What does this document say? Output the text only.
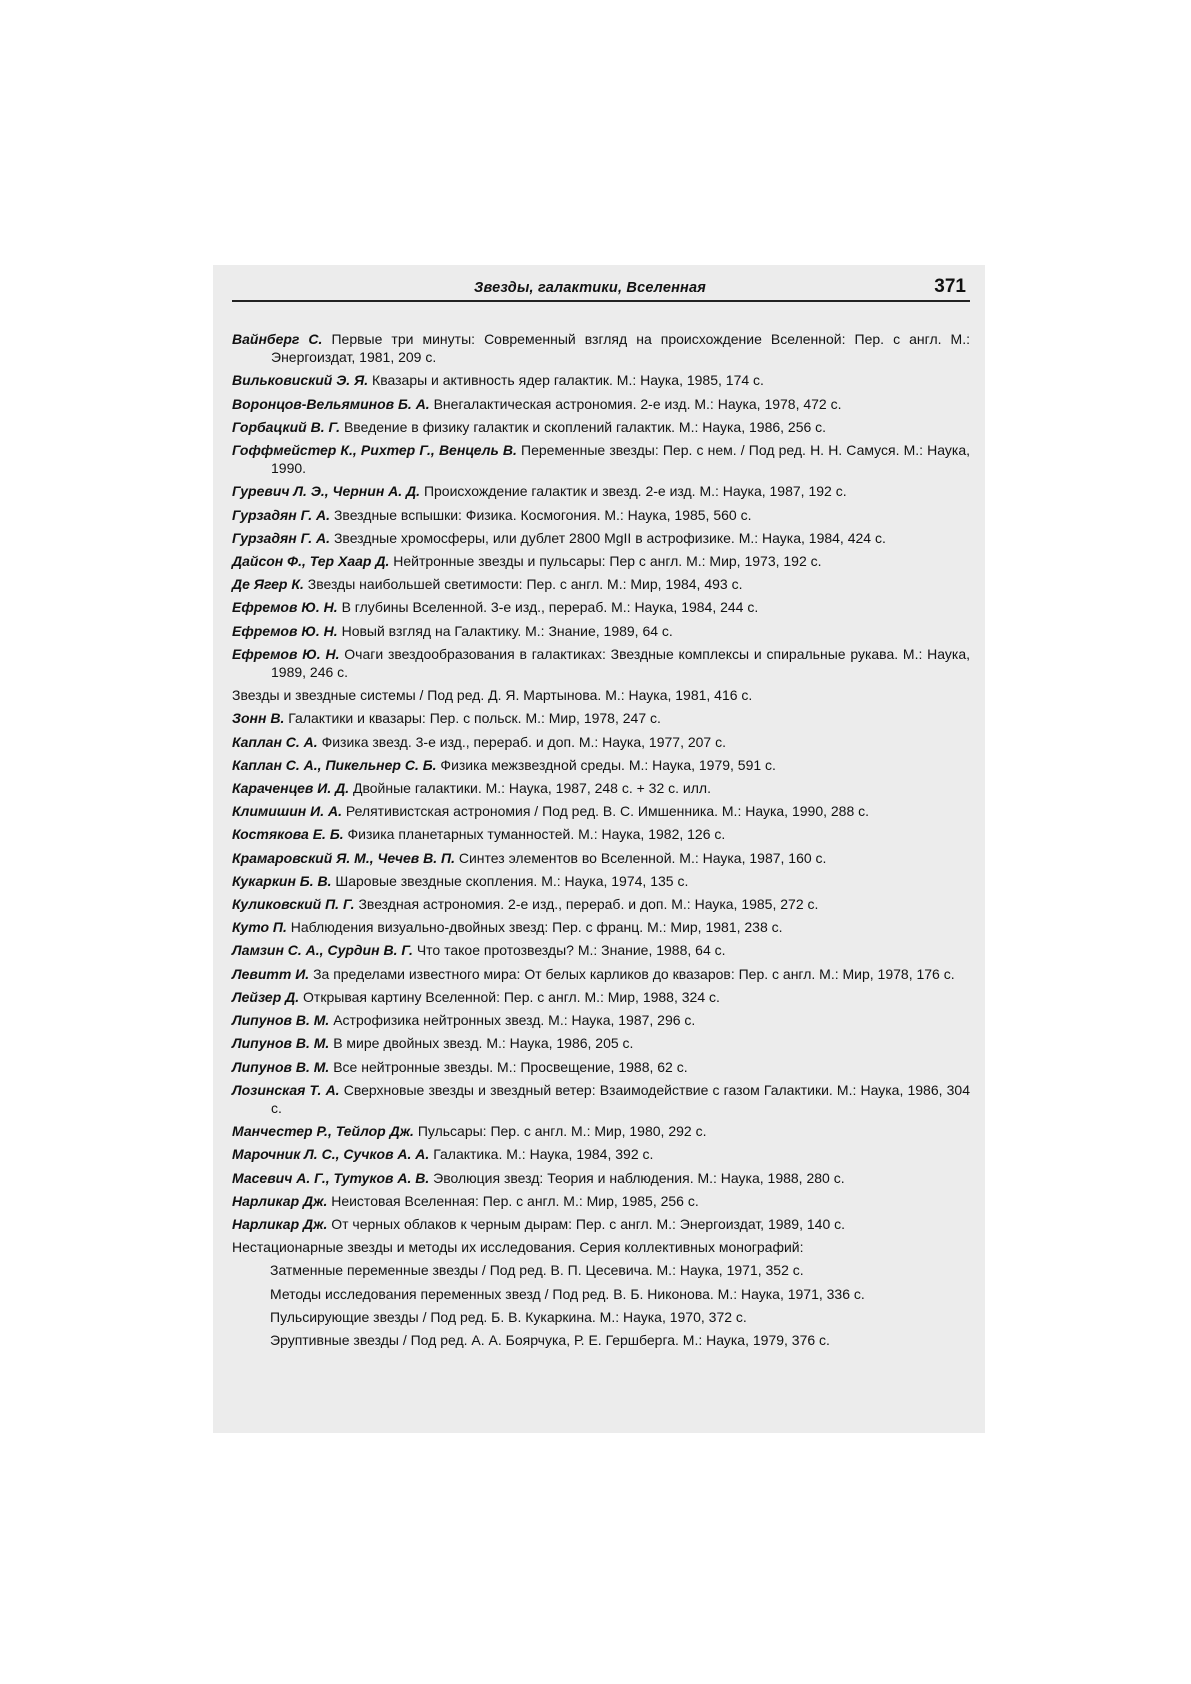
Звезды, галактики, Вселенная	371
Вайнберг С. Первые три минуты: Современный взгляд на происхождение Вселенной: Пер. с англ. М.: Энергоиздат, 1981, 209 с.
Вильковиский Э. Я. Квазары и активность ядер галактик. М.: Наука, 1985, 174 с.
Воронцов-Вельяминов Б. А. Внегалактическая астрономия. 2-е изд. М.: Наука, 1978, 472 с.
Горбацкий В. Г. Введение в физику галактик и скоплений галактик. М.: Наука, 1986, 256 с.
Гоффмейстер К., Рихтер Г., Венцель В. Переменные звезды: Пер. с нем. / Под ред. Н. Н. Самуся. М.: Наука, 1990.
Гуревич Л. Э., Чернин А. Д. Происхождение галактик и звезд. 2-е изд. М.: Наука, 1987, 192 с.
Гурзадян Г. А. Звездные вспышки: Физика. Космогония. М.: Наука, 1985, 560 с.
Гурзадян Г. А. Звездные хромосферы, или дублет 2800 MgII в астрофизике. М.: Наука, 1984, 424 с.
Дайсон Ф., Тер Хаар Д. Нейтронные звезды и пульсары: Пер с англ. М.: Мир, 1973, 192 с.
Де Ягер К. Звезды наибольшей светимости: Пер. с англ. М.: Мир, 1984, 493 с.
Ефремов Ю. Н. В глубины Вселенной. 3-е изд., перераб. М.: Наука, 1984, 244 с.
Ефремов Ю. Н. Новый взгляд на Галактику. М.: Знание, 1989, 64 с.
Ефремов Ю. Н. Очаги звездообразования в галактиках: Звездные комплексы и спиральные рукава. М.: Наука, 1989, 246 с.
Звезды и звездные системы / Под ред. Д. Я. Мартынова. М.: Наука, 1981, 416 с.
Зонн В. Галактики и квазары: Пер. с польск. М.: Мир, 1978, 247 с.
Каплан С. А. Физика звезд. 3-е изд., перераб. и доп. М.: Наука, 1977, 207 с.
Каплан С. А., Пикельнер С. Б. Физика межзвездной среды. М.: Наука, 1979, 591 с.
Караченцев И. Д. Двойные галактики. М.: Наука, 1987, 248 с. + 32 с. илл.
Климишин И. А. Релятивистская астрономия / Под ред. В. С. Имшенника. М.: Наука, 1990, 288 с.
Костякова Е. Б. Физика планетарных туманностей. М.: Наука, 1982, 126 с.
Крамаровский Я. М., Чечев В. П. Синтез элементов во Вселенной. М.: Наука, 1987, 160 с.
Кукаркин Б. В. Шаровые звездные скопления. М.: Наука, 1974, 135 с.
Куликовский П. Г. Звездная астрономия. 2-е изд., перераб. и доп. М.: Наука, 1985, 272 с.
Куто П. Наблюдения визуально-двойных звезд: Пер. с франц. М.: Мир, 1981, 238 с.
Ламзин С. А., Сурдин В. Г. Что такое протозвезды? М.: Знание, 1988, 64 с.
Левитт И. За пределами известного мира: От белых карликов до квазаров: Пер. с англ. М.: Мир, 1978, 176 с.
Лейзер Д. Открывая картину Вселенной: Пер. с англ. М.: Мир, 1988, 324 с.
Липунов В. М. Астрофизика нейтронных звезд. М.: Наука, 1987, 296 с.
Липунов В. М. В мире двойных звезд. М.: Наука, 1986, 205 с.
Липунов В. М. Все нейтронные звезды. М.: Просвещение, 1988, 62 с.
Лозинская Т. А. Сверхновые звезды и звездный ветер: Взаимодействие с газом Галактики. М.: Наука, 1986, 304 с.
Манчестер Р., Тейлор Дж. Пульсары: Пер. с англ. М.: Мир, 1980, 292 с.
Марочник Л. С., Сучков А. А. Галактика. М.: Наука, 1984, 392 с.
Масевич А. Г., Тутуков А. В. Эволюция звезд: Теория и наблюдения. М.: Наука, 1988, 280 с.
Нарликар Дж. Неистовая Вселенная: Пер. с англ. М.: Мир, 1985, 256 с.
Нарликар Дж. От черных облаков к черным дырам: Пер. с англ. М.: Энергоиздат, 1989, 140 с.
Нестационарные звезды и методы их исследования. Серия коллективных монографий:
Затменные переменные звезды / Под ред. В. П. Цесевича. М.: Наука, 1971, 352 с.
Методы исследования переменных звезд / Под ред. В. Б. Никонова. М.: Наука, 1971, 336 с.
Пульсирующие звезды / Под ред. Б. В. Кукаркина. М.: Наука, 1970, 372 с.
Эруптивные звезды / Под ред. А. А. Боярчука, Р. Е. Гершберга. М.: Наука, 1979, 376 с.
